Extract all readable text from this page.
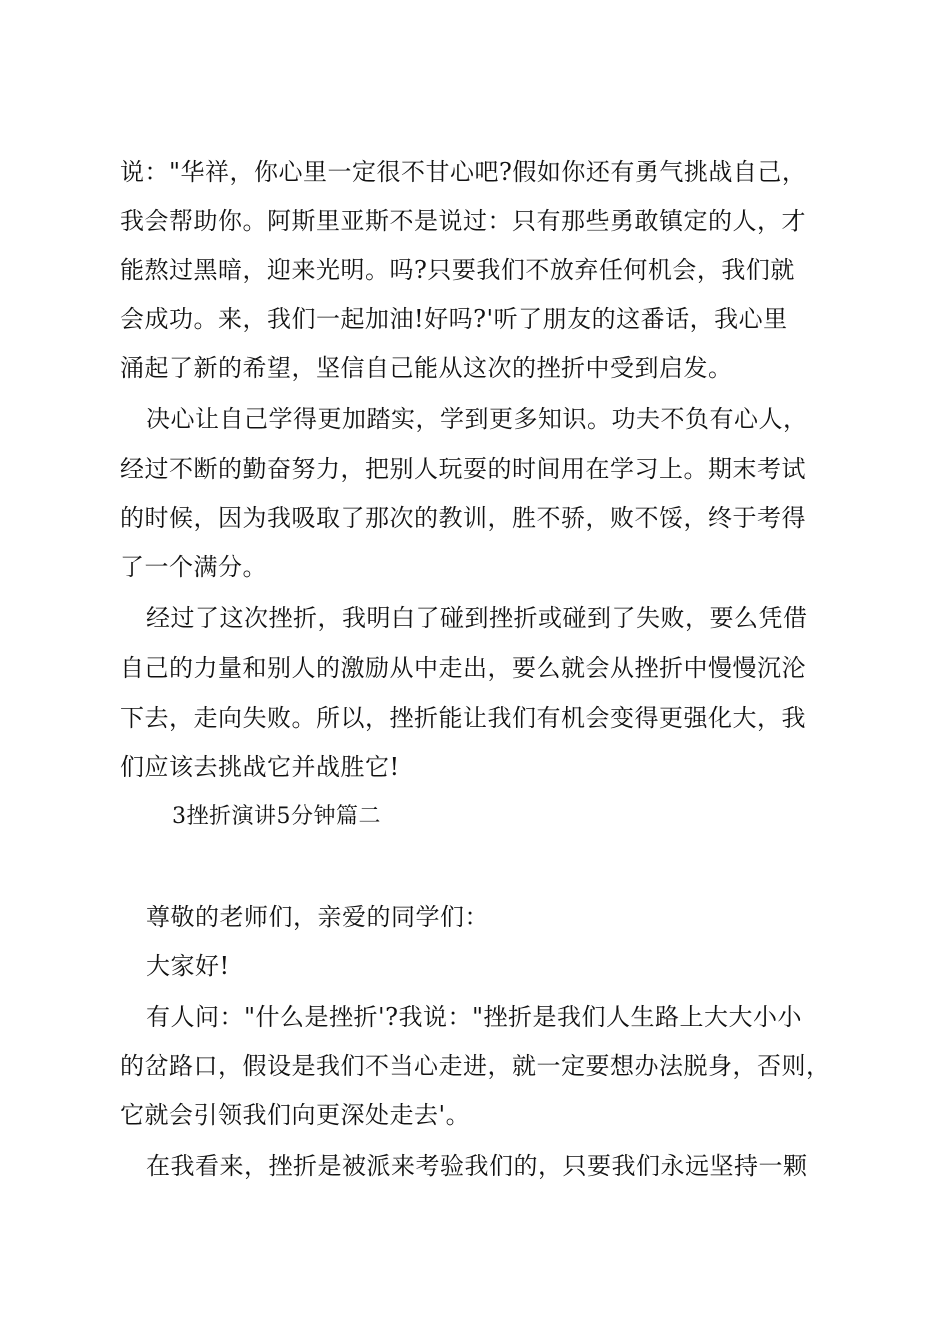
说："华祥，你心里一定很不甘心吧?假如你还有勇气挑战自己，
我会帮助你。阿斯里亚斯不是说过：只有那些勇敢镇定的人，才
能熬过黑暗，迎来光明。吗?只要我们不放弃任何机会，我们就
会成功。来，我们一起加油!好吗?'听了朋友的这番话，我心里
涌起了新的希望，坚信自己能从这次的挫折中受到启发。
决心让自己学得更加踏实，学到更多知识。功夫不负有心人，
经过不断的勤奋努力，把别人玩耍的时间用在学习上。期末考试
的时候，因为我吸取了那次的教训，胜不骄，败不馁，终于考得
了一个满分。
经过了这次挫折，我明白了碰到挫折或碰到了失败，要么凭借
自己的力量和别人的激励从中走出，要么就会从挫折中慢慢沉沦
下去，走向失败。所以，挫折能让我们有机会变得更强化大，我
们应该去挑战它并战胜它!
3挫折演讲5分钟篇二
尊敬的老师们，亲爱的同学们：
大家好!
有人问："什么是挫折'?我说："挫折是我们人生路上大大小小
的岔路口，假设是我们不当心走进，就一定要想办法脱身，否则，
它就会引领我们向更深处走去'。
在我看来，挫折是被派来考验我们的，只要我们永远坚持一颗
